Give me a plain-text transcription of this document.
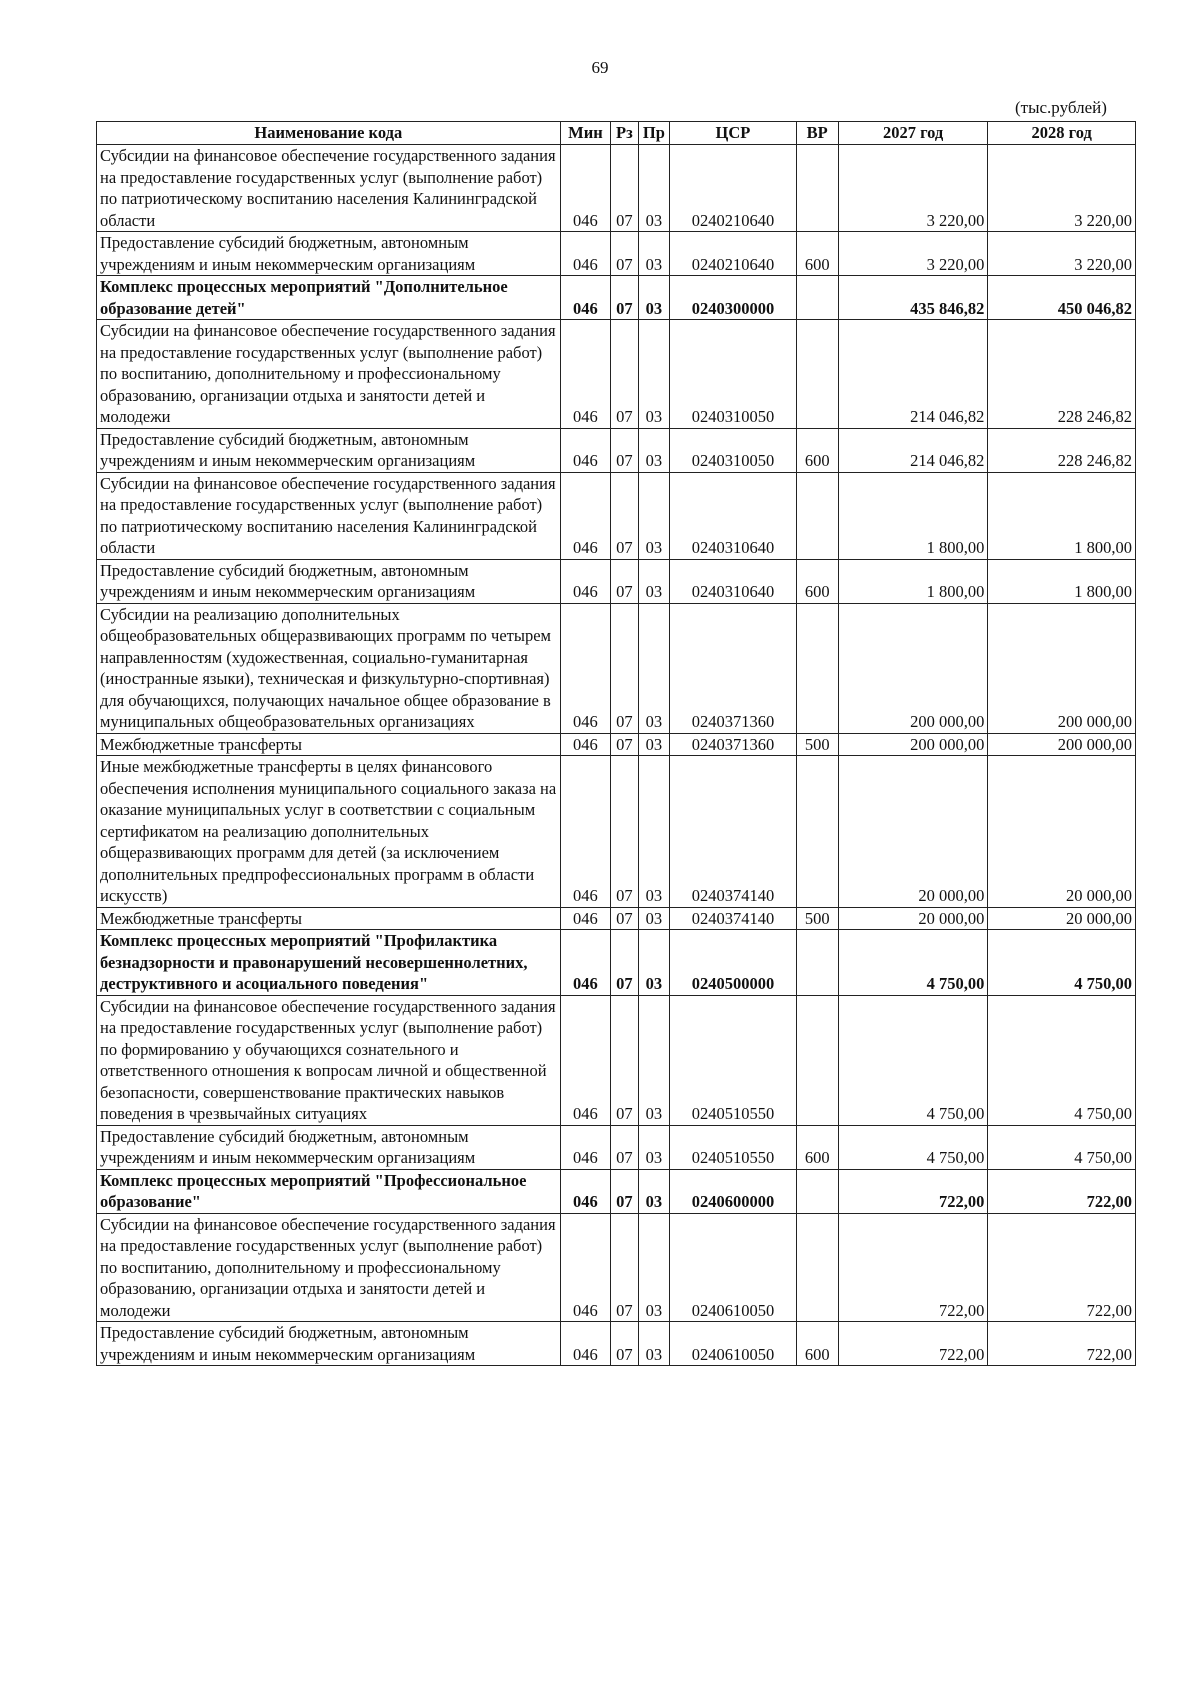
69
(тыс.рублей)
Наименование кода	Мин	Рз	Пр	ЦСР	ВР	2027 год	2028 год
Субсидии на финансовое обеспечение государственного задания на предоставление государственных услуг (выполнение работ) по патриотическому воспитанию населения Калининградской области	046	07	03	0240210640		3 220,00	3 220,00
Предоставление субсидий бюджетным, автономным учреждениям и иным некоммерческим организациям	046	07	03	0240210640	600	3 220,00	3 220,00
Комплекс процессных мероприятий "Дополнительное образование детей"	046	07	03	0240300000		435 846,82	450 046,82
Субсидии на финансовое обеспечение государственного задания на предоставление государственных услуг (выполнение работ) по воспитанию, дополнительному и профессиональному образованию, организации отдыха и занятости детей и молодежи	046	07	03	0240310050		214 046,82	228 246,82
Предоставление субсидий бюджетным, автономным учреждениям и иным некоммерческим организациям	046	07	03	0240310050	600	214 046,82	228 246,82
Субсидии на финансовое обеспечение государственного задания на предоставление государственных услуг (выполнение работ) по патриотическому воспитанию населения Калининградской области	046	07	03	0240310640		1 800,00	1 800,00
Предоставление субсидий бюджетным, автономным учреждениям и иным некоммерческим организациям	046	07	03	0240310640	600	1 800,00	1 800,00
Субсидии на реализацию дополнительных общеобразовательных общеразвивающих программ по четырем направленностям (художественная, социально-гуманитарная (иностранные языки), техническая и физкультурно-спортивная) для обучающихся, получающих начальное общее образование в муниципальных общеобразовательных организациях	046	07	03	0240371360		200 000,00	200 000,00
Межбюджетные трансферты	046	07	03	0240371360	500	200 000,00	200 000,00
Иные межбюджетные трансферты в целях финансового обеспечения исполнения муниципального социального заказа на оказание муниципальных услуг в соответствии с социальным сертификатом на реализацию дополнительных общеразвивающих программ для детей (за исключением дополнительных предпрофессиональных программ в области искусств)	046	07	03	0240374140		20 000,00	20 000,00
Межбюджетные трансферты	046	07	03	0240374140	500	20 000,00	20 000,00
Комплекс процессных мероприятий "Профилактика безнадзорности и правонарушений несовершеннолетних, деструктивного и асоциального поведения"	046	07	03	0240500000		4 750,00	4 750,00
Субсидии на финансовое обеспечение государственного задания на предоставление государственных услуг (выполнение работ) по формированию у обучающихся сознательного и ответственного отношения к вопросам личной и общественной безопасности, совершенствование практических навыков поведения в чрезвычайных ситуациях	046	07	03	0240510550		4 750,00	4 750,00
Предоставление субсидий бюджетным, автономным учреждениям и иным некоммерческим организациям	046	07	03	0240510550	600	4 750,00	4 750,00
Комплекс процессных мероприятий "Профессиональное образование"	046	07	03	0240600000		722,00	722,00
Субсидии на финансовое обеспечение государственного задания на предоставление государственных услуг (выполнение работ) по воспитанию, дополнительному и профессиональному образованию, организации отдыха и занятости детей и молодежи	046	07	03	0240610050		722,00	722,00
Предоставление субсидий бюджетным, автономным учреждениям и иным некоммерческим организациям	046	07	03	0240610050	600	722,00	722,00
